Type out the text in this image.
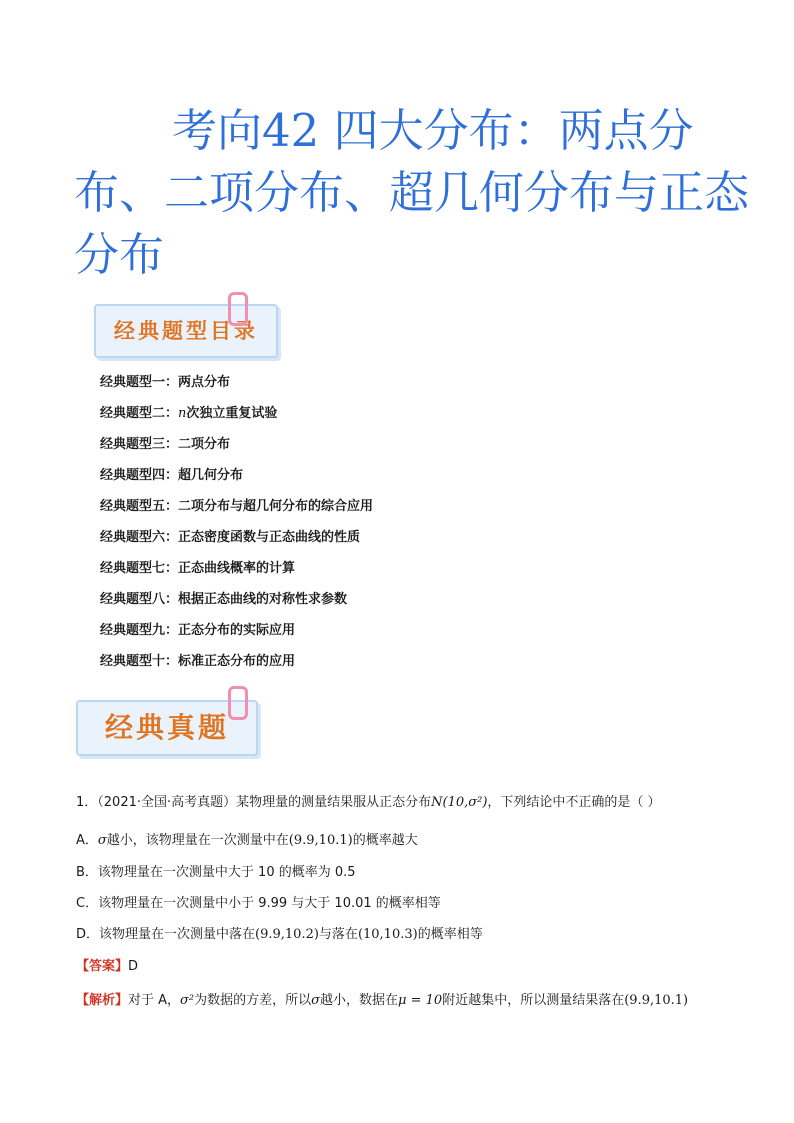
考向42 四大分布：两点分布、二项分布、超几何分布与正态分布
经典题型目录
经典题型一：两点分布
经典题型二：n次独立重复试验
经典题型三：二项分布
经典题型四：超几何分布
经典题型五：二项分布与超几何分布的综合应用
经典题型六：正态密度函数与正态曲线的性质
经典题型七：正态曲线概率的计算
经典题型八：根据正态曲线的对称性求参数
经典题型九：正态分布的实际应用
经典题型十：标准正态分布的应用
经典真题
1．（2021·全国·高考真题）某物理量的测量结果服从正态分布N(10,σ²)，下列结论中不正确的是（ ）
A．σ越小，该物理量在一次测量中在(9.9,10.1)的概率越大
B．该物理量在一次测量中大于 10 的概率为 0.5
C．该物理量在一次测量中小于 9.99 与大于 10.01 的概率相等
D．该物理量在一次测量中落在(9.9,10.2)与落在(10,10.3)的概率相等
【答案】D
【解析】对于 A，σ²为数据的方差，所以σ越小，数据在μ = 10附近越集中，所以测量结果落在(9.9,10.1)
